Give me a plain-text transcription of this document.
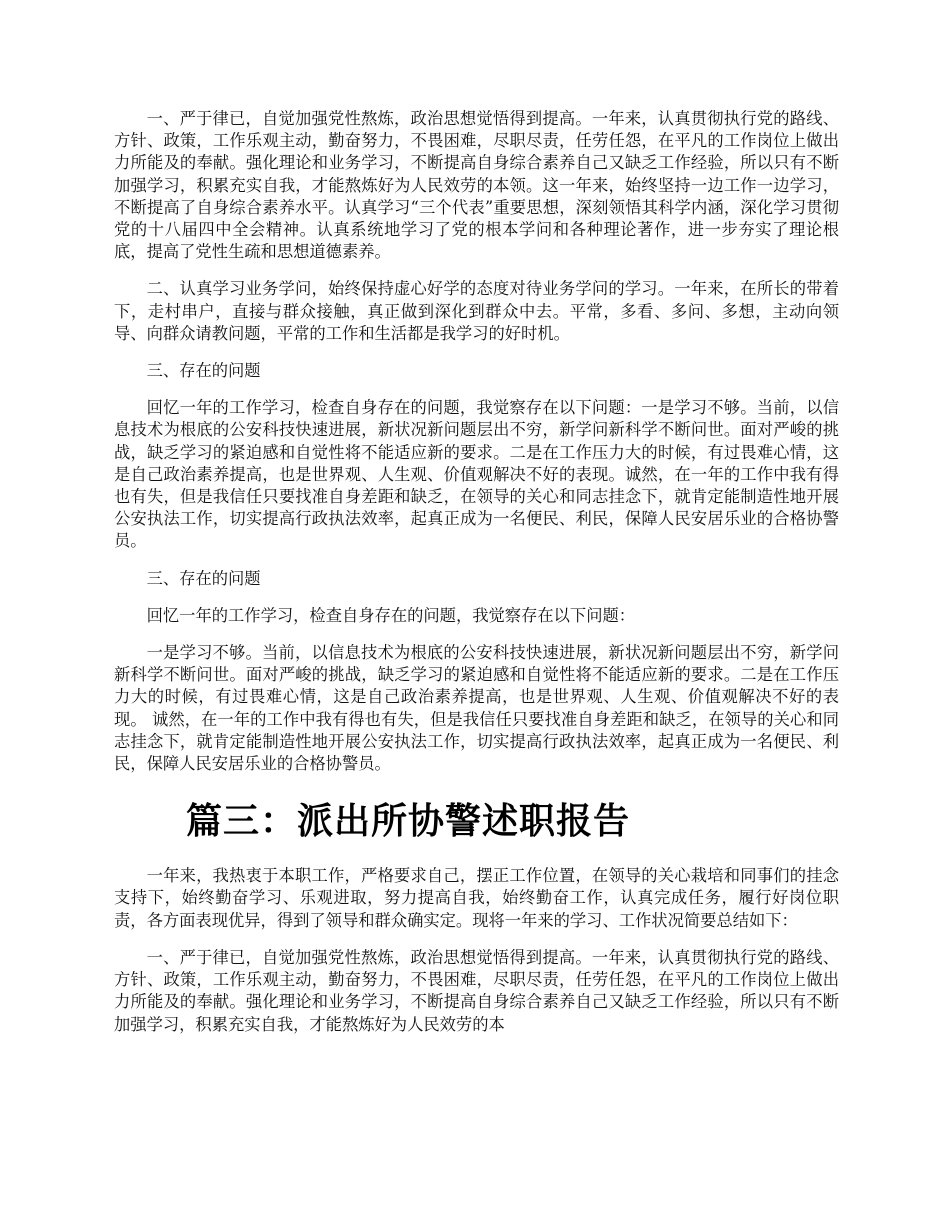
一、严于律已，自觉加强党性熬炼，政治思想觉悟得到提高。一年来，认真贯彻执行党的路线、方针、政策，工作乐观主动，勤奋努力，不畏困难，尽职尽责，任劳任怨，在平凡的工作岗位上做出力所能及的奉献。强化理论和业务学习，不断提高自身综合素养自己又缺乏工作经验，所以只有不断加强学习，积累充实自我，才能熬炼好为人民效劳的本领。这一年来，始终坚持一边工作一边学习，不断提高了自身综合素养水平。认真学习“三个代表”重要思想，深刻领悟其科学内涵，深化学习贯彻党的十八届四中全会精神。认真系统地学习了党的根本学问和各种理论著作，进一步夯实了理论根底，提高了党性生疏和思想道德素养。

二、认真学习业务学问，始终保持虚心好学的态度对待业务学问的学习。一年来，在所长的带着下，走村串户，直接与群众接触，真正做到深化到群众中去。平常，多看、多问、多想，主动向领导、向群众请教问题，平常的工作和生活都是我学习的好时机。

三、存在的问题

回忆一年的工作学习，检查自身存在的问题，我觉察存在以下问题：一是学习不够。当前，以信息技术为根底的公安科技快速进展，新状况新问题层出不穷，新学问新科学不断问世。面对严峻的挑战，缺乏学习的紧迫感和自觉性将不能适应新的要求。二是在工作压力大的时候，有过畏难心情，这是自己政治素养提高，也是世界观、人生观、价值观解决不好的表现。诚然，在一年的工作中我有得也有失，但是我信任只要找准自身差距和缺乏，在领导的关心和同志挂念下，就肯定能制造性地开展公安执法工作，切实提高行政执法效率，起真正成为一名便民、利民，保障人民安居乐业的合格协警员。

三、存在的问题

回忆一年的工作学习，检查自身存在的问题，我觉察存在以下问题：

一是学习不够。当前，以信息技术为根底的公安科技快速进展，新状况新问题层出不穷，新学问新科学不断问世。面对严峻的挑战，缺乏学习的紧迫感和自觉性将不能适应新的要求。二是在工作压力大的时候，有过畏难心情，这是自己政治素养提高，也是世界观、人生观、价值观解决不好的表现。 诚然，在一年的工作中我有得也有失，但是我信任只要找准自身差距和缺乏，在领导的关心和同志挂念下，就肯定能制造性地开展公安执法工作，切实提高行政执法效率，起真正成为一名便民、利民，保障人民安居乐业的合格协警员。

篇三：派出所协警述职报告

一年来，我热衷于本职工作，严格要求自己，摆正工作位置，在领导的关心栽培和同事们的挂念支持下，始终勤奋学习、乐观进取，努力提高自我，始终勤奋工作，认真完成任务，履行好岗位职责，各方面表现优异，得到了领导和群众确实定。现将一年来的学习、工作状况简要总结如下：

一、严于律已，自觉加强党性熬炼，政治思想觉悟得到提高。一年来，认真贯彻执行党的路线、方针、政策，工作乐观主动，勤奋努力，不畏困难，尽职尽责，任劳任怨，在平凡的工作岗位上做出力所能及的奉献。强化理论和业务学习，不断提高自身综合素养自己又缺乏工作经验，所以只有不断加强学习，积累充实自我，才能熬炼好为人民效劳的本
